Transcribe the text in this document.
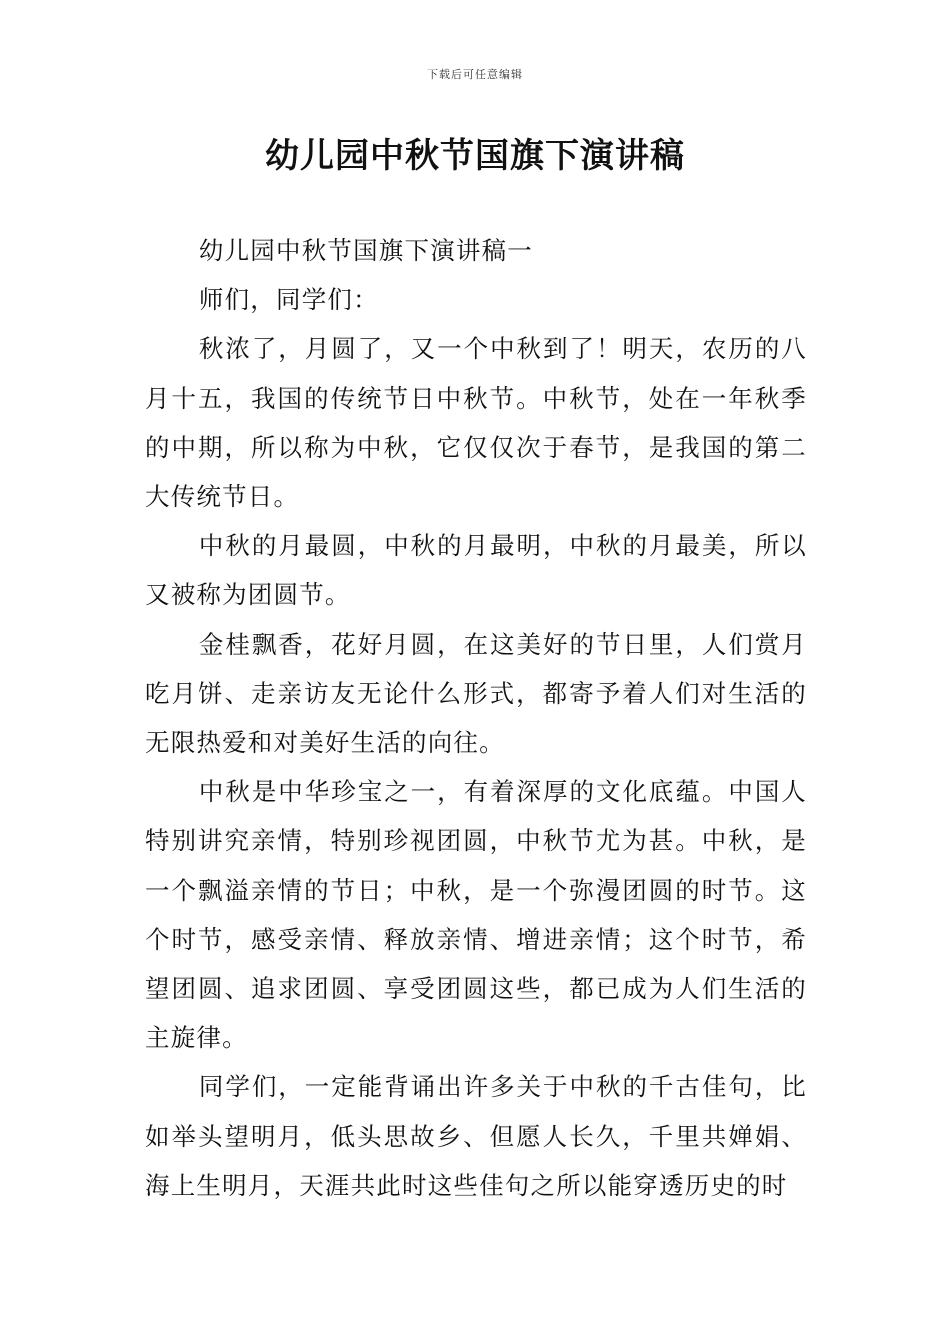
下载后可任意编辑
幼儿园中秋节国旗下演讲稿

幼儿园中秋节国旗下演讲稿一

师们，同学们：

秋浓了，月圆了，又一个中秋到了！明天，农历的八月十五，我国的传统节日中秋节。中秋节，处在一年秋季的中期，所以称为中秋，它仅仅次于春节，是我国的第二大传统节日。

中秋的月最圆，中秋的月最明，中秋的月最美，所以又被称为团圆节。

金桂飘香，花好月圆，在这美好的节日里，人们赏月吃月饼、走亲访友无论什么形式，都寄予着人们对生活的无限热爱和对美好生活的向往。

中秋是中华珍宝之一，有着深厚的文化底蕴。中国人特别讲究亲情，特别珍视团圆，中秋节尤为甚。中秋，是一个飘溢亲情的节日；中秋，是一个弥漫团圆的时节。这个时节，感受亲情、释放亲情、增进亲情；这个时节，希望团圆、追求团圆、享受团圆这些，都已成为人们生活的主旋律。

同学们，一定能背诵出许多关于中秋的千古佳句，比如举头望明月，低头思故乡、但愿人长久，千里共婵娟、海上生明月，天涯共此时这些佳句之所以能穿透历史的时
